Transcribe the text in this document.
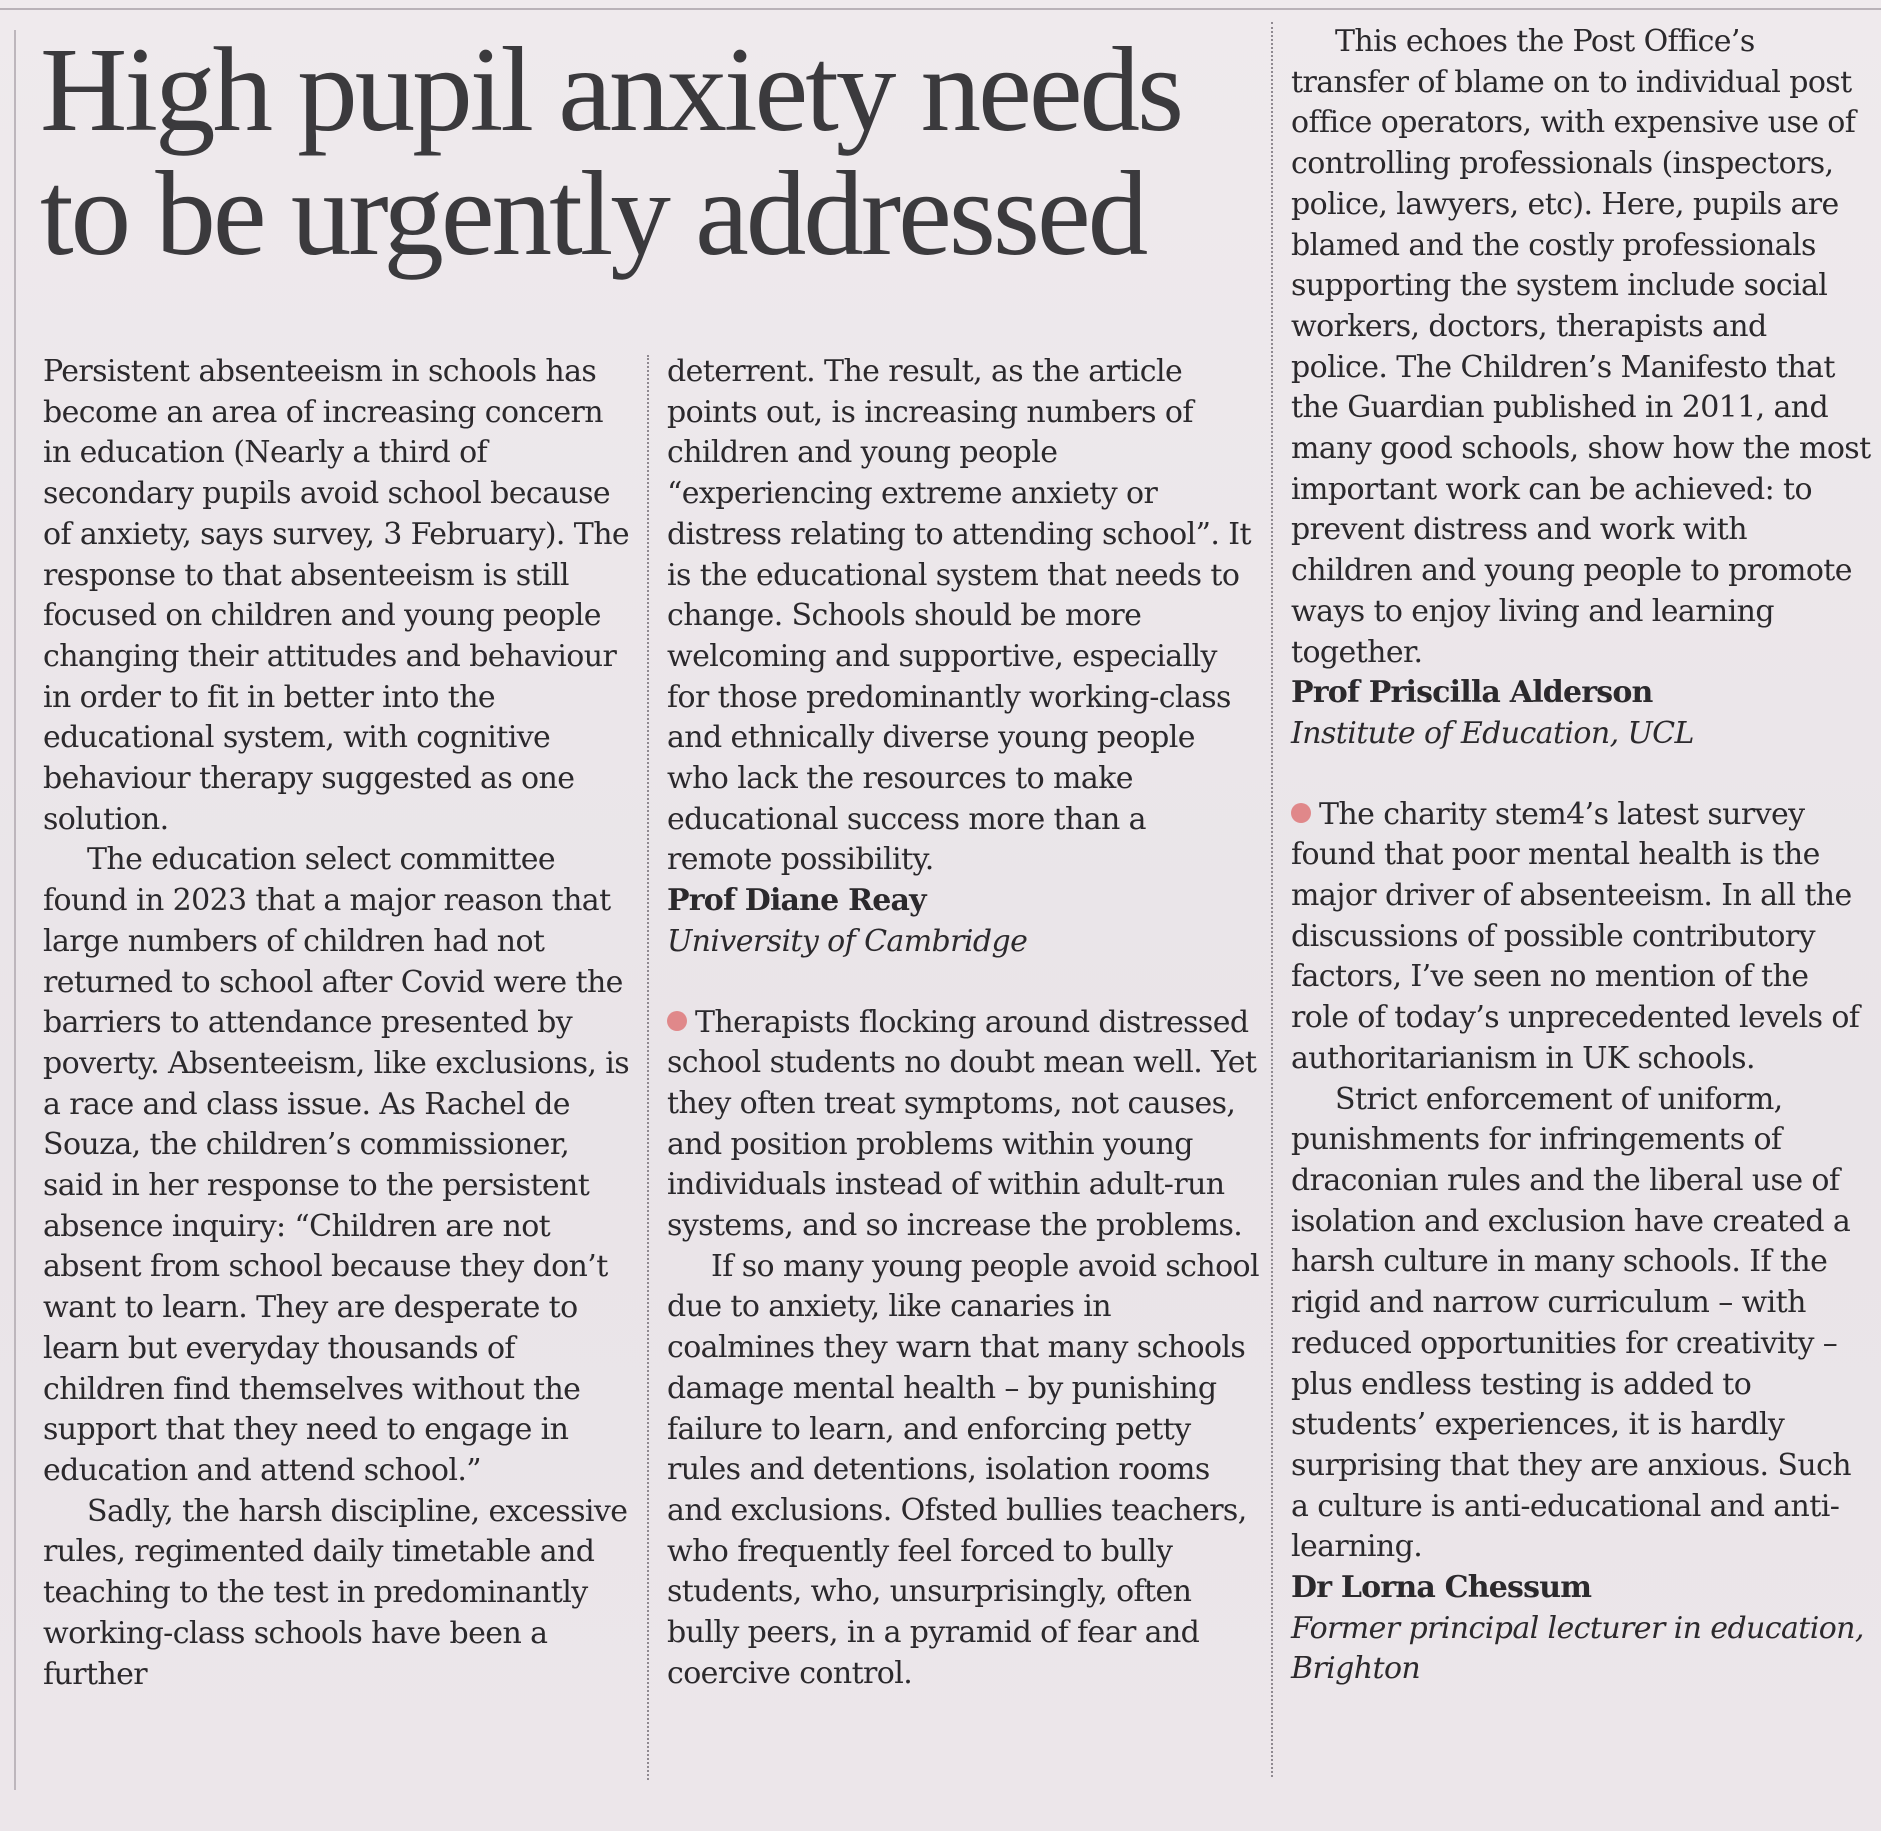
High pupil anxiety needs to be urgently addressed

Persistent absenteeism in schools has become an area of increasing concern in education (Nearly a third of secondary pupils avoid school because of anxiety, says survey, 3 February). The response to that absenteeism is still focused on children and young people changing their attitudes and behaviour in order to fit in better into the educational system, with cognitive behaviour therapy suggested as one solution.

The education select committee found in 2023 that a major reason that large numbers of children had not returned to school after Covid were the barriers to attendance presented by poverty. Absenteeism, like exclusions, is a race and class issue. As Rachel de Souza, the children’s commissioner, said in her response to the persistent absence inquiry: “Children are not absent from school because they don’t want to learn. They are desperate to learn but everyday thousands of children find themselves without the support that they need to engage in education and attend school.”

Sadly, the harsh discipline, excessive rules, regimented daily timetable and teaching to the test in predominantly working-class schools have been a further

deterrent. The result, as the article points out, is increasing numbers of children and young people “experiencing extreme anxiety or distress relating to attending school”. It is the educational system that needs to change. Schools should be more welcoming and supportive, especially for those predominantly working-class and ethnically diverse young people who lack the resources to make educational success more than a remote possibility.

Prof Diane Reay

University of Cambridge

Therapists flocking around distressed school students no doubt mean well. Yet they often treat symptoms, not causes, and position problems within young individuals instead of within adult-run systems, and so increase the problems.

If so many young people avoid school due to anxiety, like canaries in coalmines they warn that many schools damage mental health – by punishing failure to learn, and enforcing petty rules and detentions, isolation rooms and exclusions. Ofsted bullies teachers, who frequently feel forced to bully students, who, unsurprisingly, often bully peers, in a pyramid of fear and coercive control.

This echoes the Post Office’s transfer of blame on to individual post office operators, with expensive use of controlling professionals (inspectors, police, lawyers, etc). Here, pupils are blamed and the costly professionals supporting the system include social workers, doctors, therapists and police. The Children’s Manifesto that the Guardian published in 2011, and many good schools, show how the most important work can be achieved: to prevent distress and work with children and young people to promote ways to enjoy living and learning together.

Prof Priscilla Alderson

Institute of Education, UCL

The charity stem4’s latest survey found that poor mental health is the major driver of absenteeism. In all the discussions of possible contributory factors, I’ve seen no mention of the role of today’s unprecedented levels of authoritarianism in UK schools.

Strict enforcement of uniform, punishments for infringements of draconian rules and the liberal use of isolation and exclusion have created a harsh culture in many schools. If the rigid and narrow curriculum – with reduced opportunities for creativity – plus endless testing is added to students’ experiences, it is hardly surprising that they are anxious. Such a culture is anti-educational and anti-learning.

Dr Lorna Chessum

Former principal lecturer in education, Brighton
